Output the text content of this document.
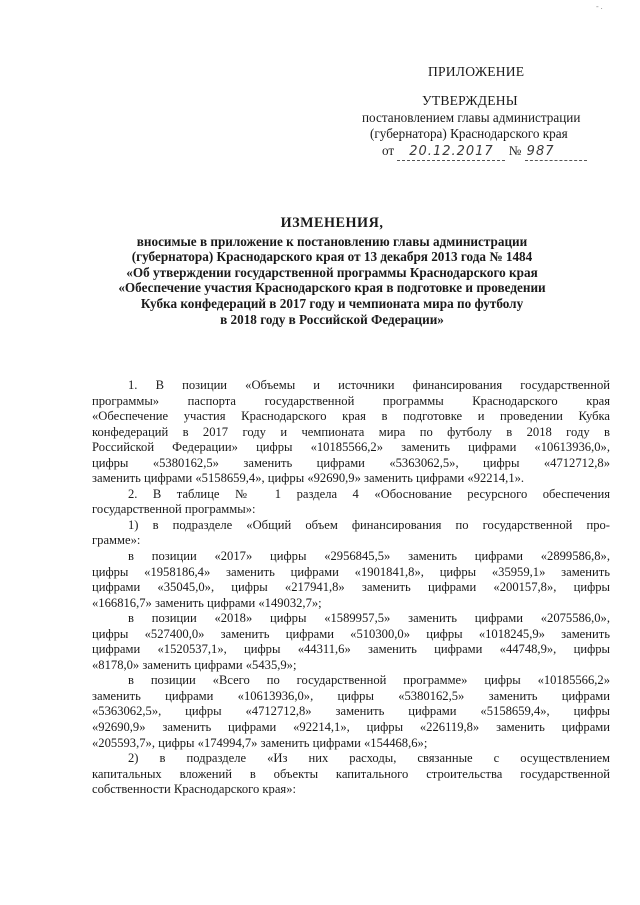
- .
ПРИЛОЖЕНИЕ
УТВЕРЖДЕНЫ
постановлением главы администрации
(губернатора) Краснодарского края
от 20.12.2017 № 987
ИЗМЕНЕНИЯ,
вносимые в приложение к постановлению главы администрации
(губернатора) Краснодарского края от 13 декабря 2013 года № 1484
«Об утверждении государственной программы Краснодарского края
«Обеспечение участия Краснодарского края в подготовке и проведении
Кубка конфедераций в 2017 году и чемпионата мира по футболу
в 2018 году в Российской Федерации»

1. В позиции «Объемы и источники финансирования государственной

программы» паспорта государственной программы Краснодарского края

«Обеспечение участия Краснодарского края в подготовке и проведении Кубка

конфедераций в 2017 году и чемпионата мира по футболу в 2018 году в

Российской Федерации» цифры «10185566,2» заменить цифрами «10613936,0»,

цифры «5380162,5» заменить цифрами «5363062,5», цифры «4712712,8»

заменить цифрами «5158659,4», цифры «92690,9» заменить цифрами «92214,1».

2. В таблице № 1 раздела 4 «Обоснование ресурсного обеспечения

государственной программы»:

1) в подразделе «Общий объем финансирования по государственной про-

грамме»:

в позиции «2017» цифры «2956845,5» заменить цифрами «2899586,8»,

цифры «1958186,4» заменить цифрами «1901841,8», цифры «35959,1» заменить

цифрами «35045,0», цифры «217941,8» заменить цифрами «200157,8», цифры

«166816,7» заменить цифрами «149032,7»;

в позиции «2018» цифры «1589957,5» заменить цифрами «2075586,0»,

цифры «527400,0» заменить цифрами «510300,0» цифры «1018245,9» заменить

цифрами «1520537,1», цифры «44311,6» заменить цифрами «44748,9», цифры

«8178,0» заменить цифрами «5435,9»;

в позиции «Всего по государственной программе» цифры «10185566,2»

заменить цифрами «10613936,0», цифры «5380162,5» заменить цифрами

«5363062,5», цифры «4712712,8» заменить цифрами «5158659,4», цифры

«92690,9» заменить цифрами «92214,1», цифры «226119,8» заменить цифрами

«205593,7», цифры «174994,7» заменить цифрами «154468,6»;

2) в подразделе «Из них расходы, связанные с осуществлением

капитальных вложений в объекты капитального строительства государственной

собственности Краснодарского края»:
